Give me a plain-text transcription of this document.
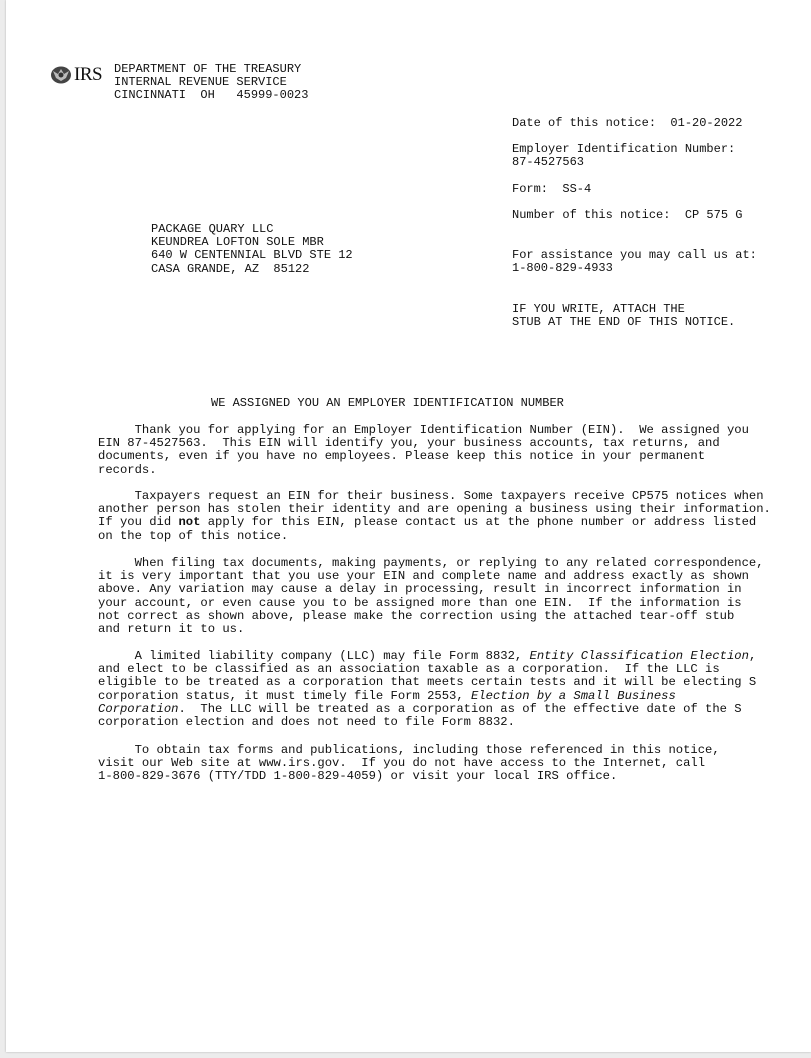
IRS DEPARTMENT OF THE TREASURY
INTERNAL REVENUE SERVICE
CINCINNATI  OH   45999-0023
Date of this notice:  01-20-2022
Employer Identification Number:
87-4527563
Form:  SS-4
Number of this notice:  CP 575 G
For assistance you may call us at:
1-800-829-4933
IF YOU WRITE, ATTACH THE
STUB AT THE END OF THIS NOTICE.
PACKAGE QUARY LLC
KEUNDREA LOFTON SOLE MBR
640 W CENTENNIAL BLVD STE 12
CASA GRANDE, AZ  85122
WE ASSIGNED YOU AN EMPLOYER IDENTIFICATION NUMBER
Thank you for applying for an Employer Identification Number (EIN).  We assigned you
EIN 87-4527563.  This EIN will identify you, your business accounts, tax returns, and
documents, even if you have no employees. Please keep this notice in your permanent
records.
Taxpayers request an EIN for their business. Some taxpayers receive CP575 notices when
another person has stolen their identity and are opening a business using their information.
If you did not apply for this EIN, please contact us at the phone number or address listed
on the top of this notice.
When filing tax documents, making payments, or replying to any related correspondence,
it is very important that you use your EIN and complete name and address exactly as shown
above. Any variation may cause a delay in processing, result in incorrect information in
your account, or even cause you to be assigned more than one EIN.  If the information is
not correct as shown above, please make the correction using the attached tear-off stub
and return it to us.
A limited liability company (LLC) may file Form 8832, Entity Classification Election,
and elect to be classified as an association taxable as a corporation.  If the LLC is
eligible to be treated as a corporation that meets certain tests and it will be electing S
corporation status, it must timely file Form 2553, Election by a Small Business
Corporation.  The LLC will be treated as a corporation as of the effective date of the S
corporation election and does not need to file Form 8832.
To obtain tax forms and publications, including those referenced in this notice,
visit our Web site at www.irs.gov.  If you do not have access to the Internet, call
1-800-829-3676 (TTY/TDD 1-800-829-4059) or visit your local IRS office.
